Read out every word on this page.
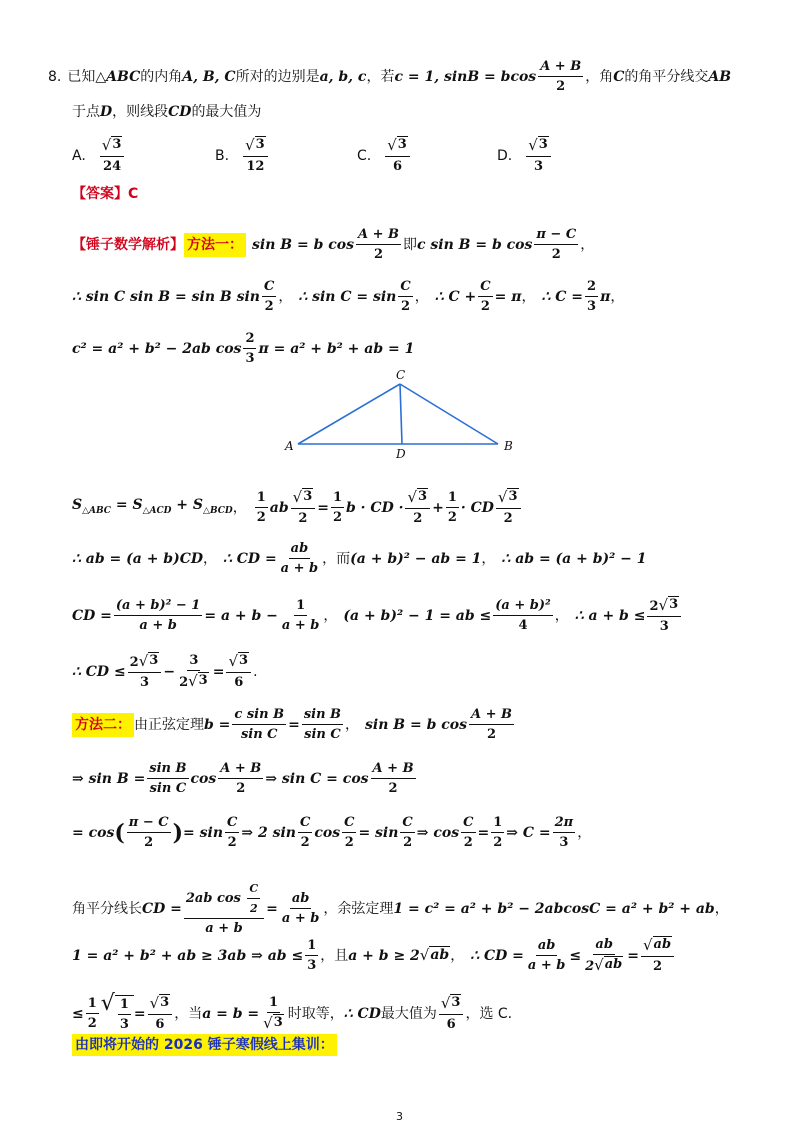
8. 已知 △ABC 的内角 A, B, C 所对的边别是 a, b, c ，若 c = 1, sinB = bcos $\frac{A + B}{2}$ ，角 C 的角平分线交 AB
于点 D ，则线段 CD 的最大值为
A. $\frac{√ 3}{24}$	B. $\frac{√ 3}{12}$	C. $\frac{√ 3}{6}$	D. $\frac{√ 3}{3}$
【答案】 C
【锤子数学解析】 方法一： sin B = b $\cos \frac{A + B}{2}$ 即 c sin B = b $\cos \frac{\pi - C}{2}$ ，
∴ sin C sin B = sin B $\sin \frac{C}{2}$ ， ∴ $\sin C = \sin \frac{C}{2}$ ， ∴ $C + \frac{C}{2} = \pi$ ， ∴ $C = \frac{2}{3}$ π ，
c² = a² + b² − 2ab $\cos \frac{2}{3}$ π = a² + b² + ab = 1
C
A	B
D
$S_{\triangle ABC} = S_{\triangle ACD} + S_{\triangle BCD}$ ， $\frac{1}{2}$ ab $\frac{√ 3}{2} = \frac{1}{2}$ b · CD · $\frac{√ 3}{2} + \frac{1}{2}$ · CD $\frac{√ 3}{2}$
∴ ab = (a + b)CD ， ∴ CD = $\frac{ab}{a + b}$ ，而 (a + b)² − ab = 1 ， ∴ ab = (a + b)² − 1
CD = $\frac{\text{(a + b)² − 1}}{a + b} = a + b - \frac{1}{a + b}$ ， (a + b)² − 1 = ab ≤ $\frac{\text{(a + b)²}}{4}$ ， ∴ $a + b \le \frac{2 √ 3}{3}$
∴ CD ≤ $\frac{2 √ 3}{3} - \frac{3}{2 √ 3} = \frac{√ 3}{6}$ .
方法二： 由正弦定理 $b = \frac{\text{c sin B}}{\text{sin C}} = \frac{\text{sin B}}{\text{sin C}}$ ， sin B = b $\cos \frac{A + B}{2}$
⇒ $\sin B = \frac{\text{sin B}}{\text{sin C}}$ $\cos \frac{A + B}{2}$ ⇒ $\sin C = \cos \frac{A + B}{2}$
= cos ( $\frac{\pi - C}{2}$ ) = $\sin \frac{C}{2}$ ⇒ 2 $\sin \frac{C}{2}$ $\cos \frac{C}{2} = \sin \frac{C}{2}$ ⇒ $\cos \frac{C}{2} = \frac{1}{2}$ ⇒ $C = \frac{2\pi}{3}$ ，
角平分线长 CD = $\frac{2ab \cos \frac{C}{2}}{a + b} = \frac{ab}{a + b}$ ，余弦定理 1 = c² = a² + b² − 2abcosC = a² + b² + ab ，
1 = a² + b² + ab ≥ 3ab ⇒ ab ≤ $\frac{1}{3}$ ，且 a + b ≥ 2 √ ab ， ∴ CD = $\frac{ab}{a + b} \le \frac{ab}{2 √ ab} = \frac{√ ab}{2}$
≤ $\frac{1}{2}$ √ $\frac{1}{3} = \frac{√ 3}{6}$ ，当 $a = b = \frac{1}{√ 3}$ 时取等， ∴ CD 最大值为 $\frac{√ 3}{6}$ ，选 C.
由即将开始的 2026 锤子寒假线上集训：
3
